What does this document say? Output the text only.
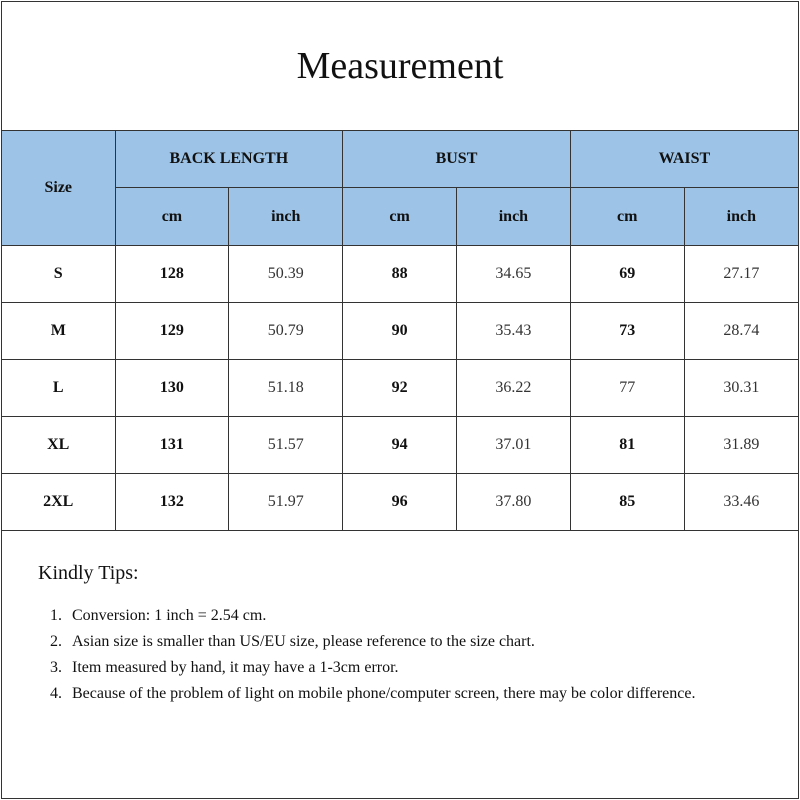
Measurement
Size	BACK LENGTH		BUST		WAIST	
	cm	inch	cm	inch	cm	inch
S	128	50.39	88	34.65	69	27.17
M	129	50.79	90	35.43	73	28.74
L	130	51.18	92	36.22	77	30.31
XL	131	51.57	94	37.01	81	31.89
2XL	132	51.97	96	37.80	85	33.46
Kindly Tips:
1. Conversion: 1 inch = 2.54 cm.
2. Asian size is smaller than US/EU size, please reference to the size chart.
3. Item measured by hand, it may have a 1-3cm error.
4. Because of the problem of light on mobile phone/computer screen, there may be color difference.
